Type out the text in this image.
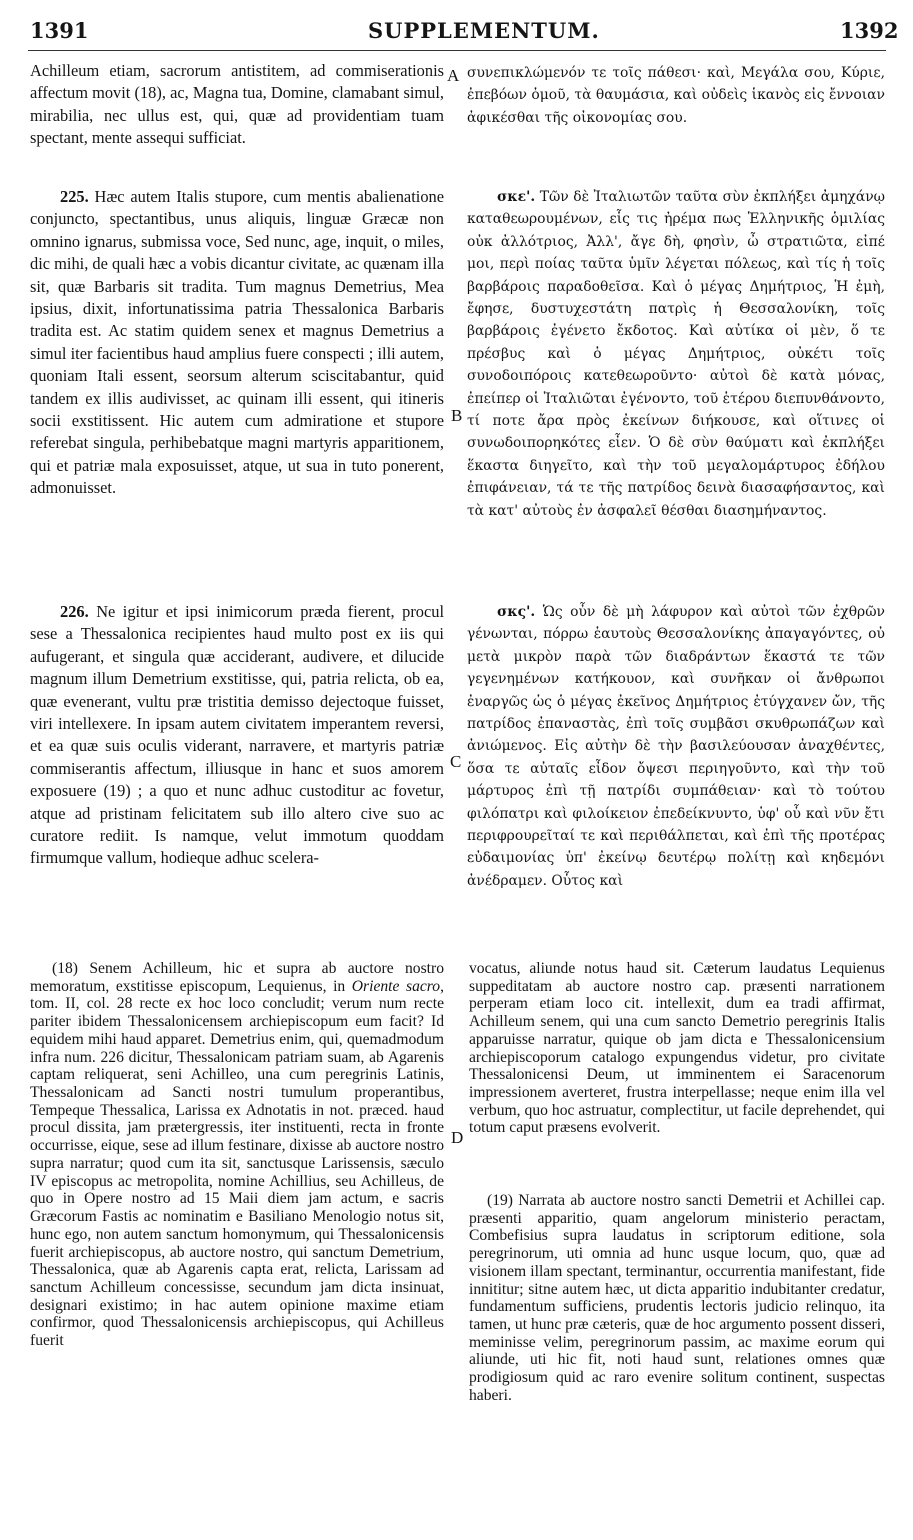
1391	SUPPLEMENTUM.	1392
A
B
C
D

Achilleum etiam, sacrorum antistitem, ad commiserationis affectum movit (18), ac, Magna tua, Domine, clamabant simul, mirabilia, nec ullus est, qui, quæ ad providentiam tuam spectant, mente assequi sufficiat.

225. Hæc autem Italis stupore, cum mentis abalienatione conjuncto, spectantibus, unus aliquis, linguæ Græcæ non omnino ignarus, submissa voce, Sed nunc, age, inquit, o miles, dic mihi, de quali hæc a vobis dicantur civitate, ac quænam illa sit, quæ Barbaris sit tradita. Tum magnus Demetrius, Mea ipsius, dixit, infortunatissima patria Thessalonica Barbaris tradita est. Ac statim quidem senex et magnus Demetrius a simul iter facientibus haud amplius fuere conspecti ; illi autem, quoniam Itali essent, seorsum alterum sciscitabantur, quid tandem ex illis audivisset, ac quinam illi essent, qui itineris socii exstitissent. Hic autem cum admiratione et stupore referebat singula, perhibebatque magni martyris apparitionem, qui et patriæ mala exposuisset, atque, ut sua in tuto ponerent, admonuisset.

226. Ne igitur et ipsi inimicorum præda fierent, procul sese a Thessalonica recipientes haud multo post ex iis qui aufugerant, et singula quæ acciderant, audivere, et dilucide magnum illum Demetrium exstitisse, qui, patria relicta, ob ea, quæ evenerant, vultu præ tristitia demisso dejectoque fuisset, viri intellexere. In ipsam autem civitatem imperantem reversi, et ea quæ suis oculis viderant, narravere, et martyris patriæ commiserantis affectum, illiusque in hanc et suos amorem exposuere (19) ; a quo et nunc adhuc custoditur ac fovetur, atque ad pristinam felicitatem sub illo altero cive suo ac curatore rediit. Is namque, velut immotum quoddam firmumque vallum, hodieque adhuc scelera-

συνεπικλώμενόν τε τοῖς πάθεσι· καὶ, Μεγάλα σου, Κύριε, ἐπεβόων ὁμοῦ, τὰ θαυμάσια, καὶ οὐδεὶς ἱκανὸς εἰς ἔννοιαν ἀφικέσθαι τῆς οἰκονομίας σου.

σκε'. Τῶν δὲ Ἰταλιωτῶν ταῦτα σὺν ἐκπλήξει ἀμηχάνῳ καταθεωρουμένων, εἷς τις ἠρέμα πως Ἑλληνικῆς ὁμιλίας οὐκ ἀλλότριος, Ἀλλ', ἄγε δὴ, φησὶν, ὦ στρατιῶτα, εἰπέ μοι, περὶ ποίας ταῦτα ὑμῖν λέγεται πόλεως, καὶ τίς ἡ τοῖς βαρβάροις παραδοθεῖσα. Καὶ ὁ μέγας Δημήτριος, Ἡ ἐμὴ, ἔφησε, δυστυχεστάτη πατρὶς ἡ Θεσσαλονίκη, τοῖς βαρβάροις ἐγένετο ἔκδοτος. Καὶ αὐτίκα οἱ μὲν, ὅ τε πρέσβυς καὶ ὁ μέγας Δημήτριος, οὐκέτι τοῖς συνοδοιπόροις κατεθεωροῦντο· αὐτοὶ δὲ κατὰ μόνας, ἐπείπερ οἱ Ἰταλιῶται ἐγένοντο, τοῦ ἑτέρου διεπυνθάνοντο, τί ποτε ἄρα πρὸς ἐκείνων διήκουσε, καὶ οἵτινες οἱ συνωδοιπορηκότες εἶεν. Ὁ δὲ σὺν θαύματι καὶ ἐκπλήξει ἕκαστα διηγεῖτο, καὶ τὴν τοῦ μεγαλομάρτυρος ἐδήλου ἐπιφάνειαν, τά τε τῆς πατρίδος δεινὰ διασαφήσαντος, καὶ τὰ κατ' αὐτοὺς ἐν ἀσφαλεῖ θέσθαι διασημήναντος.

σκς'. Ὡς οὖν δὲ μὴ λάφυρον καὶ αὐτοὶ τῶν ἐχθρῶν γένωνται, πόρρω ἑαυτοὺς Θεσσαλονίκης ἀπαγαγόντες, οὐ μετὰ μικρὸν παρὰ τῶν διαδράντων ἕκαστά τε τῶν γεγενημένων κατήκουον, καὶ συνῆκαν οἱ ἄνθρωποι ἐναργῶς ὡς ὁ μέγας ἐκεῖνος Δημήτριος ἐτύγχανεν ὤν, τῆς πατρίδος ἐπαναστὰς, ἐπὶ τοῖς συμβᾶσι σκυθρωπάζων καὶ ἀνιώμενος. Εἰς αὐτὴν δὲ τὴν βασιλεύουσαν ἀναχθέντες, ὅσα τε αὐταῖς εἶδον ὄψεσι περιηγοῦντο, καὶ τὴν τοῦ μάρτυρος ἐπὶ τῇ πατρίδι συμπάθειαν· καὶ τὸ τούτου φιλόπατρι καὶ φιλοίκειον ἐπεδείκνυντο, ὑφ' οὗ καὶ νῦν ἔτι περιφρουρεῖταί τε καὶ περιθάλπεται, καὶ ἐπὶ τῆς προτέρας εὐδαιμονίας ὑπ' ἐκείνῳ δευτέρῳ πολίτῃ καὶ κηδεμόνι ἀνέδραμεν. Οὗτος καὶ

(18) Senem Achilleum, hic et supra ab auctore nostro memoratum, exstitisse episcopum, Lequienus, in Oriente sacro, tom. II, col. 28 recte ex hoc loco concludit; verum num recte pariter ibidem Thessalonicensem archiepiscopum eum facit? Id equidem mihi haud apparet. Demetrius enim, qui, quemadmodum infra num. 226 dicitur, Thessalonicam patriam suam, ab Agarenis captam reliquerat, seni Achilleo, una cum peregrinis Latinis, Thessalonicam ad Sancti nostri tumulum properantibus, Tempeque Thessalica, Larissa ex Adnotatis in not. præced. haud procul dissita, jam prætergressis, iter instituenti, recta in fronte occurrisse, eique, sese ad illum festinare, dixisse ab auctore nostro supra narratur; quod cum ita sit, sanctusque Larissensis, sæculo IV episcopus ac metropolita, nomine Achillius, seu Achilleus, de quo in Opere nostro ad 15 Maii diem jam actum, e sacris Græcorum Fastis ac nominatim e Basiliano Menologio notus sit, hunc ego, non autem sanctum homonymum, qui Thessalonicensis fuerit archiepiscopus, ab auctore nostro, qui sanctum Demetrium, Thessalonica, quæ ab Agarenis capta erat, relicta, Larissam ad sanctum Achilleum concessisse, secundum jam dicta insinuat, designari existimo; in hac autem opinione maxime etiam confirmor, quod Thessalonicensis archiepiscopus, qui Achilleus fuerit

vocatus, aliunde notus haud sit. Cæterum laudatus Lequienus suppeditatam ab auctore nostro cap. præsenti narrationem perperam etiam loco cit. intellexit, dum ea tradi affirmat, Achilleum senem, qui una cum sancto Demetrio peregrinis Italis apparuisse narratur, quique ob jam dicta e Thessalonicensium archiepiscoporum catalogo expungendus videtur, pro civitate Thessalonicensi Deum, ut imminentem ei Saracenorum impressionem averteret, frustra interpellasse; neque enim illa vel verbum, quo hoc astruatur, complectitur, ut facile deprehendet, qui totum caput præsens evolverit.

(19) Narrata ab auctore nostro sancti Demetrii et Achillei cap. præsenti apparitio, quam angelorum ministerio peractam, Combefisius supra laudatus in scriptorum editione, sola peregrinorum, uti omnia ad hunc usque locum, quo, quæ ad visionem illam spectant, terminantur, occurrentia manifestant, fide innititur; sitne autem hæc, ut dicta apparitio indubitanter credatur, fundamentum sufficiens, prudentis lectoris judicio relinquo, ita tamen, ut hunc præ cæteris, quæ de hoc argumento possent disseri, meminisse velim, peregrinorum passim, ac maxime eorum qui aliunde, uti hic fit, noti haud sunt, relationes omnes quæ prodigiosum quid ac raro evenire solitum continent, suspectas haberi.
